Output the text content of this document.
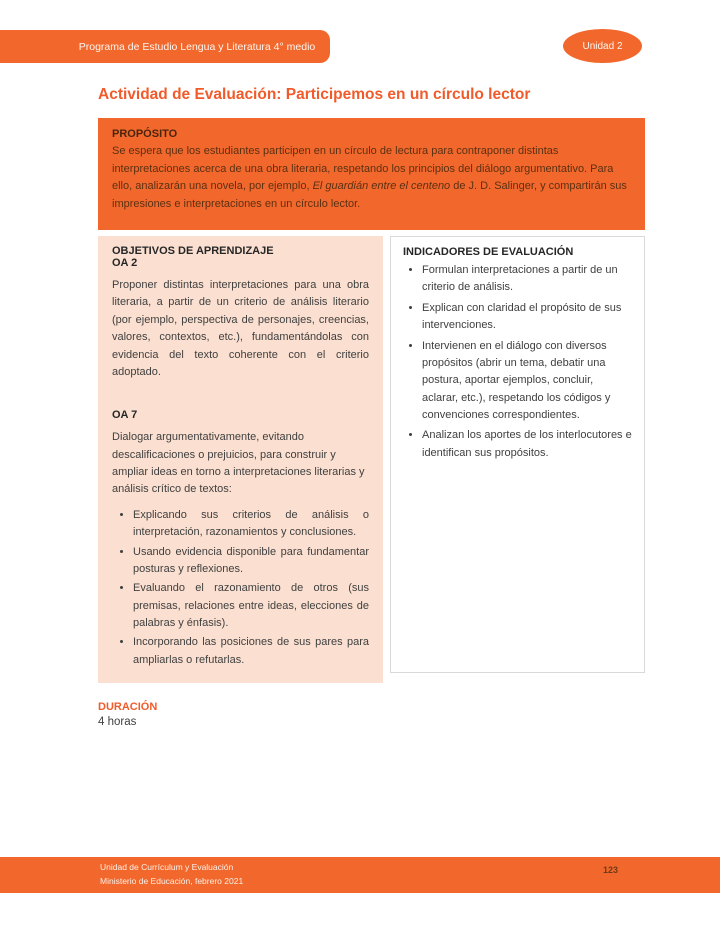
Programa de Estudio Lengua y Literatura 4° medio	Unidad 2
Actividad de Evaluación: Participemos en un círculo lector
PROPÓSITO

Se espera que los estudiantes participen en un círculo de lectura para contraponer distintas interpretaciones acerca de una obra literaria, respetando los principios del diálogo argumentativo. Para ello, analizarán una novela, por ejemplo, El guardián entre el centeno de J. D. Salinger, y compartirán sus impresiones e interpretaciones en un círculo lector.

OBJETIVOS DE APRENDIZAJE
OA 2

Proponer distintas interpretaciones para una obra literaria, a partir de un criterio de análisis literario (por ejemplo, perspectiva de personajes, creencias, valores, contextos, etc.), fundamentándolas con evidencia del texto coherente con el criterio adoptado.

OA 7

Dialogar argumentativamente, evitando descalificaciones o prejuicios, para construir y ampliar ideas en torno a interpretaciones literarias y análisis crítico de textos:

• Explicando sus criterios de análisis o interpretación, razonamientos y conclusiones.
• Usando evidencia disponible para fundamentar posturas y reflexiones.
• Evaluando el razonamiento de otros (sus premisas, relaciones entre ideas, elecciones de palabras y énfasis).
• Incorporando las posiciones de sus pares para ampliarlas o refutarlas.
INDICADORES DE EVALUACIÓN
• Formulan interpretaciones a partir de un criterio de análisis.
• Explican con claridad el propósito de sus intervenciones.
• Intervienen en el diálogo con diversos propósitos (abrir un tema, debatir una postura, aportar ejemplos, concluir, aclarar, etc.), respetando los códigos y convenciones correspondientes.
• Analizan los aportes de los interlocutores e identifican sus propósitos.
DURACIÓN
4 horas
Unidad de Currículum y Evaluación
Ministerio de Educación, febrero 2021
123
